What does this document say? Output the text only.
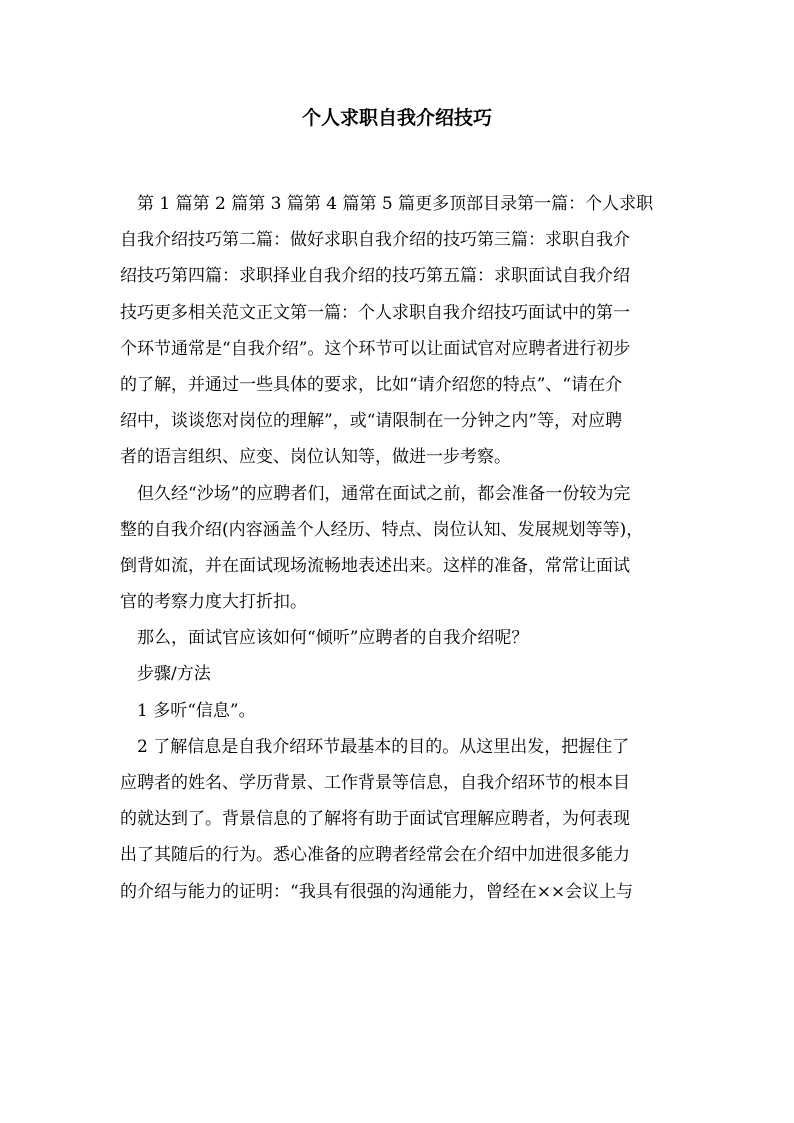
个人求职自我介绍技巧
第 1 篇第 2 篇第 3 篇第 4 篇第 5 篇更多顶部目录第一篇：个人求职
自我介绍技巧第二篇：做好求职自我介绍的技巧第三篇：求职自我介
绍技巧第四篇：求职择业自我介绍的技巧第五篇：求职面试自我介绍
技巧更多相关范文正文第一篇：个人求职自我介绍技巧面试中的第一
个环节通常是“自我介绍”。这个环节可以让面试官对应聘者进行初步
的了解，并通过一些具体的要求，比如“请介绍您的特点”、“请在介
绍中，谈谈您对岗位的理解”，或“请限制在一分钟之内”等，对应聘
者的语言组织、应变、岗位认知等，做进一步考察。
但久经“沙场”的应聘者们，通常在面试之前，都会准备一份较为完
整的自我介绍(内容涵盖个人经历、特点、岗位认知、发展规划等等)，
倒背如流，并在面试现场流畅地表述出来。这样的准备，常常让面试
官的考察力度大打折扣。
那么，面试官应该如何“倾听”应聘者的自我介绍呢？
步骤/方法
1 多听“信息”。
2 了解信息是自我介绍环节最基本的目的。从这里出发，把握住了
应聘者的姓名、学历背景、工作背景等信息，自我介绍环节的根本目
的就达到了。背景信息的了解将有助于面试官理解应聘者，为何表现
出了其随后的行为。悉心准备的应聘者经常会在介绍中加进很多能力
的介绍与能力的证明：“我具有很强的沟通能力，曾经在××会议上与
